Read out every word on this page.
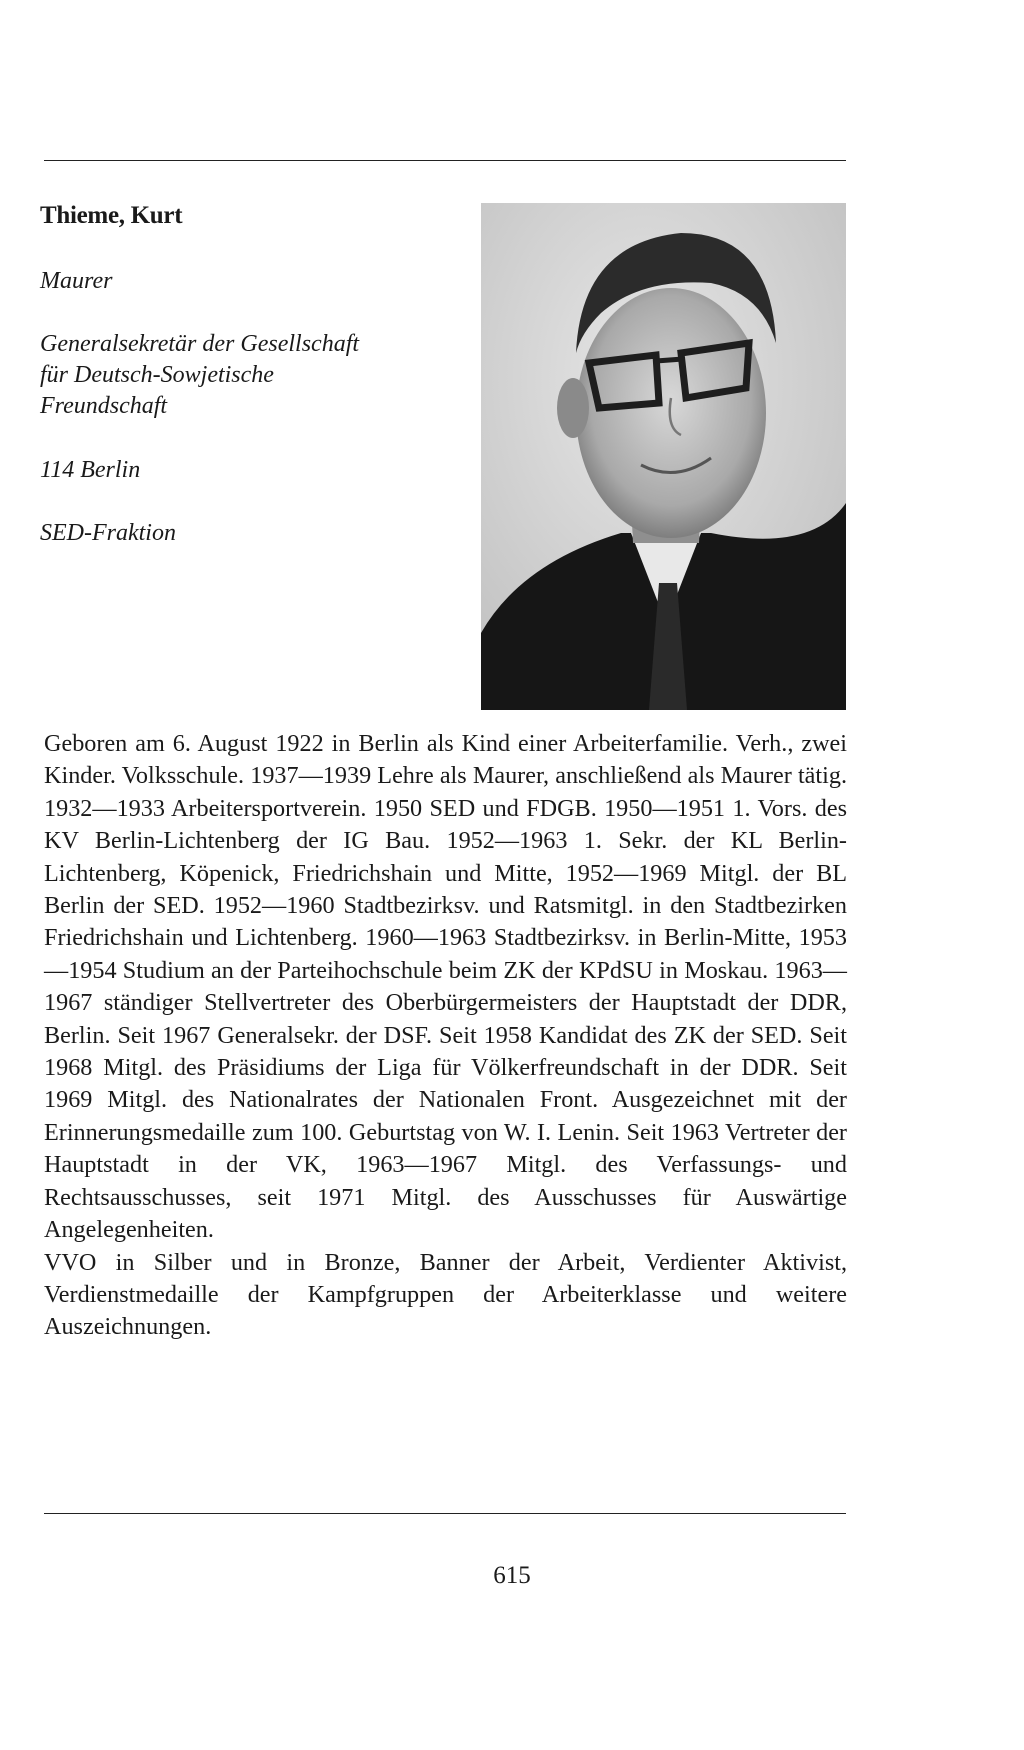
Thieme, Kurt
Maurer
Generalsekretär der Gesellschaft
für Deutsch-Sowjetische
Freundschaft
114 Berlin
SED-Fraktion

Geboren am 6. August 1922 in Berlin als Kind einer Arbeiterfamilie. Verh., zwei Kinder. Volksschule. 1937—1939 Lehre als Maurer, anschließend als Maurer tätig. 1932—1933 Arbeitersportverein. 1950 SED und FDGB. 1950—1951 1. Vors. des KV Berlin-Lichtenberg der IG Bau. 1952—1963 1. Sekr. der KL Berlin-Lichtenberg, Köpenick, Friedrichshain und Mitte, 1952—1969 Mitgl. der BL Berlin der SED. 1952—1960 Stadtbezirksv. und Ratsmitgl. in den Stadtbezirken Friedrichshain und Lichtenberg. 1960—1963 Stadtbezirksv. in Berlin-Mitte, 1953—1954 Studium an der Parteihochschule beim ZK der KPdSU in Moskau. 1963—1967 ständiger Stellvertreter des Oberbürgermeisters der Hauptstadt der DDR, Berlin. Seit 1967 Generalsekr. der DSF. Seit 1958 Kandidat des ZK der SED. Seit 1968 Mitgl. des Präsidiums der Liga für Völkerfreundschaft in der DDR. Seit 1969 Mitgl. des Nationalrates der Nationalen Front. Ausgezeichnet mit der Erinnerungsmedaille zum 100. Geburtstag von W. I. Lenin. Seit 1963 Vertreter der Hauptstadt in der VK, 1963—1967 Mitgl. des Verfassungs- und Rechtsausschusses, seit 1971 Mitgl. des Ausschusses für Auswärtige Angelegenheiten.

VVO in Silber und in Bronze, Banner der Arbeit, Verdienter Aktivist, Verdienstmedaille der Kampfgruppen der Arbeiterklasse und weitere Auszeichnungen.

615
